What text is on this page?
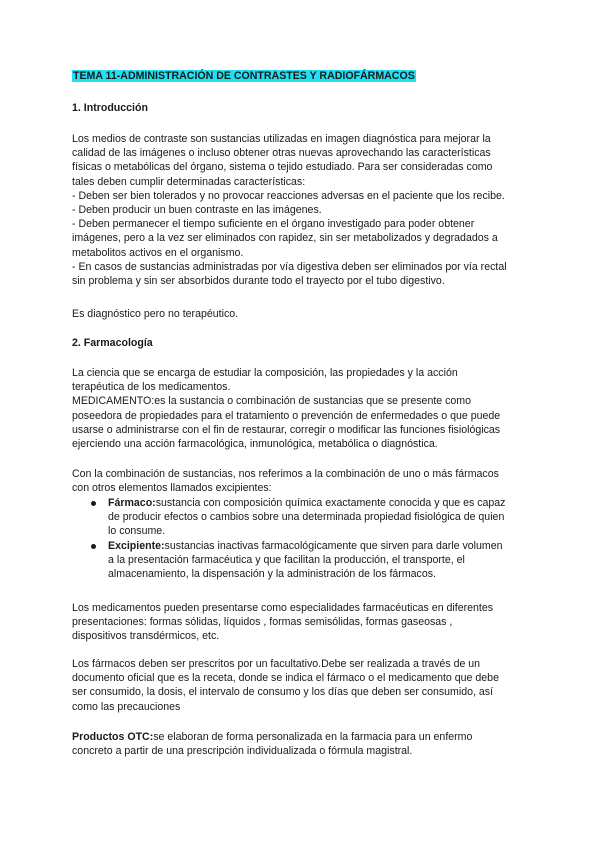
TEMA 11-ADMINISTRACIÓN DE CONTRASTES Y RADIOFÁRMACOS
1. Introducción
Los medios de contraste son sustancias utilizadas en imagen diagnóstica para mejorar la
calidad de las imágenes o incluso obtener otras nuevas aprovechando las características
físicas o metabólicas del órgano, sistema o tejido estudiado. Para ser consideradas como
tales deben cumplir determinadas características:
- Deben ser bien tolerados y no provocar reacciones adversas en el paciente que los recibe.
- Deben producir un buen contraste en las imágenes.
- Deben permanecer el tiempo suficiente en el órgano investigado para poder obtener
imágenes, pero a la vez ser eliminados con rapidez, sin ser metabolizados y degradados a
metabolitos activos en el organismo.
- En casos de sustancias administradas por vía digestiva deben ser eliminados por vía rectal
sin problema y sin ser absorbidos durante todo el trayecto por el tubo digestivo.
Es diagnóstico pero no terapéutico.
2. Farmacología
La ciencia que se encarga de estudiar la composición, las propiedades y la acción
terapéutica de los medicamentos.
MEDICAMENTO:es la sustancia o combinación de sustancias que se presente como
poseedora de propiedades para el tratamiento o prevención de enfermedades o que puede
usarse o administrarse con el fin de restaurar, corregir o modificar las funciones fisiológicas
ejerciendo una acción farmacológica, inmunológica, metabólica o diagnóstica.
Con la combinación de sustancias, nos referimos a la combinación de uno o más fármacos
con otros elementos llamados excipientes:
Fármaco:sustancia con composición química exactamente conocida y que es capaz
de producir efectos o cambios sobre una determinada propiedad fisiológica de quien
lo consume.
Excipiente:sustancias inactivas farmacológicamente que sirven para darle volumen
a la presentación farmacéutica y que facilitan la producción, el transporte, el
almacenamiento, la dispensación y la administración de los fármacos.
Los medicamentos pueden presentarse como especialidades farmacéuticas en diferentes
presentaciones: formas sólidas, líquidos , formas semisólidas, formas gaseosas ,
dispositivos transdérmicos, etc.
Los fármacos deben ser prescritos por un facultativo.Debe ser realizada a través de un
documento oficial que es la receta, donde se indica el fármaco o el medicamento que debe
ser consumido, la dosis, el intervalo de consumo y los días que deben ser consumido, así
como las precauciones
Productos OTC:se elaboran de forma personalizada en la farmacia para un enfermo
concreto a partir de una prescripción individualizada o fórmula magistral.
